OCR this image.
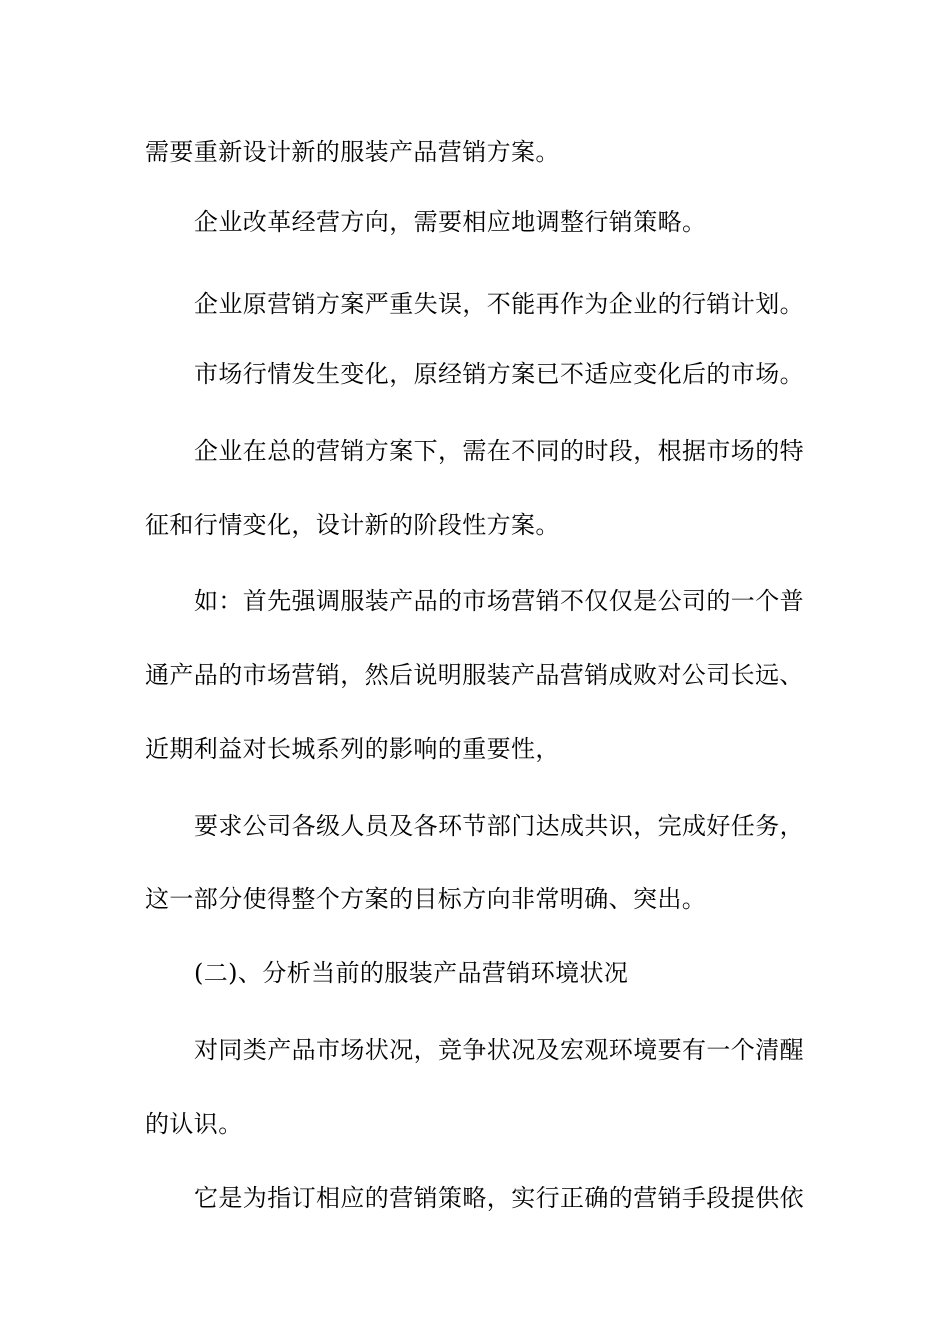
需要重新设计新的服装产品营销方案。
企业改革经营方向，需要相应地调整行销策略。
企业原营销方案严重失误，不能再作为企业的行销计划。
市场行情发生变化，原经销方案已不适应变化后的市场。
企业在总的营销方案下，需在不同的时段，根据市场的特
征和行情变化，设计新的阶段性方案。
如：首先强调服装产品的市场营销不仅仅是公司的一个普
通产品的市场营销，然后说明服装产品营销成败对公司长远、
近期利益对长城系列的影响的重要性，
要求公司各级人员及各环节部门达成共识，完成好任务，
这一部分使得整个方案的目标方向非常明确、突出。
(二)、分析当前的服装产品营销环境状况
对同类产品市场状况，竞争状况及宏观环境要有一个清醒
的认识。
它是为指订相应的营销策略，实行正确的营销手段提供依
